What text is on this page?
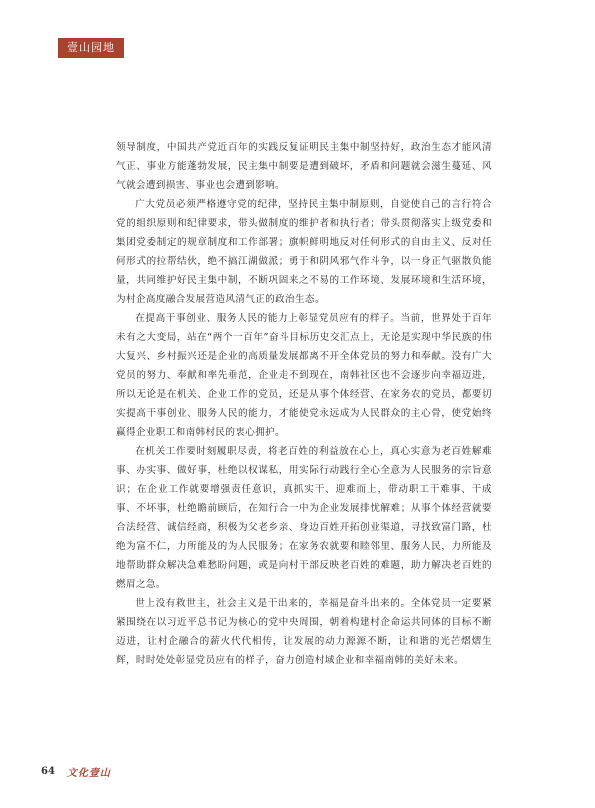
壹山园地

领导制度，中国共产党近百年的实践反复证明民主集中制坚持好，政治生态才能风清气正、事业方能蓬勃发展，民主集中制要是遭到破坏，矛盾和问题就会滋生蔓延、风气就会遭到损害、事业也会遭到影响。

广大党员必须严格遵守党的纪律，坚持民主集中制原则，自觉使自己的言行符合党的组织原则和纪律要求，带头做制度的维护者和执行者；带头贯彻落实上级党委和集团党委制定的规章制度和工作部署；旗帜鲜明地反对任何形式的自由主义、反对任何形式的拉帮结伙，绝不搞江湖做派；勇于和阴风邪气作斗争，以一身正气驱散负能量，共同维护好民主集中制，不断巩固来之不易的工作环境、发展环境和生活环境，为村企高度融合发展营造风清气正的政治生态。

在提高干事创业、服务人民的能力上彰显党员应有的样子。当前，世界处于百年未有之大变局，站在“两个一百年”奋斗目标历史交汇点上，无论是实现中华民族的伟大复兴、乡村振兴还是企业的高质量发展都离不开全体党员的努力和奉献。没有广大党员的努力、奉献和率先垂范，企业走不到现在，南韩社区也不会逐步向幸福迈进，所以无论是在机关、企业工作的党员，还是从事个体经营、在家务农的党员，都要切实提高干事创业、服务人民的能力，才能使党永远成为人民群众的主心骨，使党始终赢得企业职工和南韩村民的衷心拥护。

在机关工作要时刻履职尽责，将老百姓的利益放在心上，真心实意为老百姓解难事、办实事、做好事，杜绝以权谋私，用实际行动践行全心全意为人民服务的宗旨意识；在企业工作就要增强责任意识，真抓实干、迎难而上，带动职工干难事、干成事、不坏事，杜绝瞻前顾后，在知行合一中为企业发展排忧解难；从事个体经营就要合法经营、诚信经商，积极为父老乡亲、身边百姓开拓创业渠道，寻找致富门路，杜绝为富不仁，力所能及的为人民服务；在家务农就要和睦邻里、服务人民，力所能及地帮助群众解决急难愁盼问题，或是向村干部反映老百姓的难题，助力解决老百姓的燃眉之急。

世上没有救世主，社会主义是干出来的，幸福是奋斗出来的。全体党员一定要紧紧围绕在以习近平总书记为核心的党中央周围，朝着构建村企命运共同体的目标不断迈进，让村企融合的薪火代代相传，让发展的动力源源不断，让和谐的光芒熠熠生辉，时时处处彰显党员应有的样子，奋力创造村域企业和幸福南韩的美好未来。

64 文化壹山
